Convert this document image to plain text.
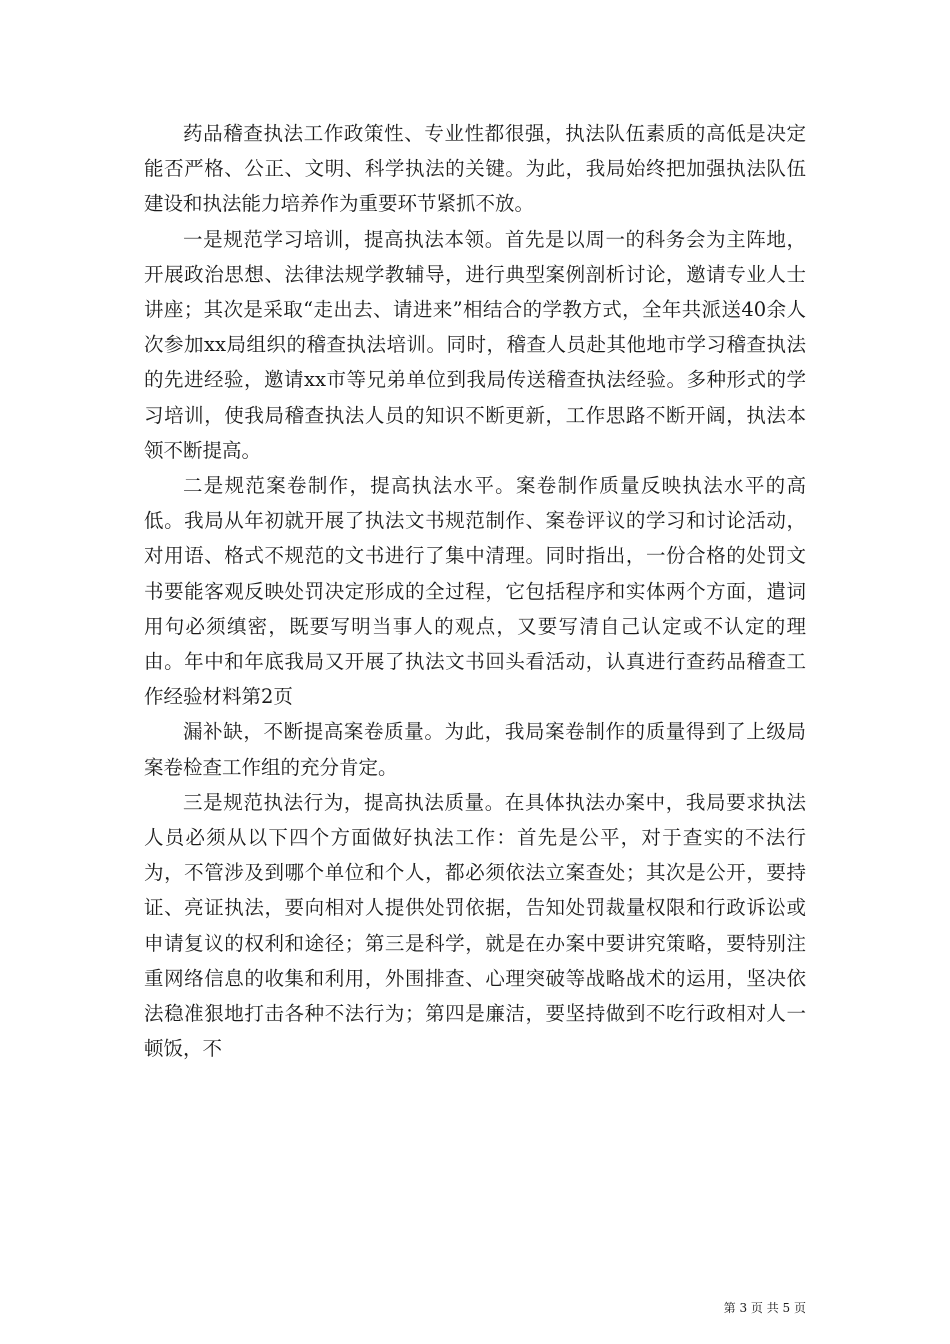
药品稽查执法工作政策性、专业性都很强，执法队伍素质的高低是决定能否严格、公正、文明、科学执法的关键。为此，我局始终把加强执法队伍建设和执法能力培养作为重要环节紧抓不放。

一是规范学习培训，提高执法本领。首先是以周一的科务会为主阵地，开展政治思想、法律法规学教辅导，进行典型案例剖析讨论，邀请专业人士讲座；其次是采取“走出去、请进来”相结合的学教方式，全年共派送40余人次参加xx局组织的稽查执法培训。同时，稽查人员赴其他地市学习稽查执法的先进经验，邀请xx市等兄弟单位到我局传送稽查执法经验。多种形式的学习培训，使我局稽查执法人员的知识不断更新，工作思路不断开阔，执法本领不断提高。

二是规范案卷制作，提高执法水平。案卷制作质量反映执法水平的高低。我局从年初就开展了执法文书规范制作、案卷评议的学习和讨论活动，对用语、格式不规范的文书进行了集中清理。同时指出，一份合格的处罚文书要能客观反映处罚决定形成的全过程，它包括程序和实体两个方面，遣词用句必须缜密，既要写明当事人的观点，又要写清自己认定或不认定的理由。年中和年底我局又开展了执法文书回头看活动，认真进行查药品稽查工作经验材料第2页

漏补缺，不断提高案卷质量。为此，我局案卷制作的质量得到了上级局案卷检查工作组的充分肯定。

三是规范执法行为，提高执法质量。在具体执法办案中，我局要求执法人员必须从以下四个方面做好执法工作：首先是公平，对于查实的不法行为，不管涉及到哪个单位和个人，都必须依法立案查处；其次是公开，要持证、亮证执法，要向相对人提供处罚依据，告知处罚裁量权限和行政诉讼或申请复议的权利和途径；第三是科学，就是在办案中要讲究策略，要特别注重网络信息的收集和利用，外围排查、心理突破等战略战术的运用，坚决依法稳准狠地打击各种不法行为；第四是廉洁，要坚持做到不吃行政相对人一顿饭，不

第 3 页 共 5 页
